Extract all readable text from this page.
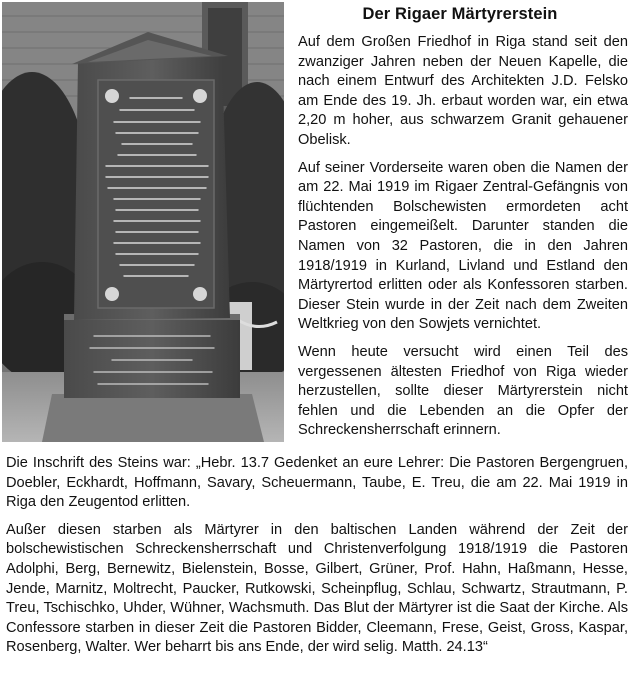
Der Rigaer Märtyrerstein

Auf dem Großen Friedhof in Riga stand seit den zwanziger Jahren neben der Neuen Kapelle, die nach einem Entwurf des Architekten J.D. Felsko am Ende des 19. Jh. erbaut worden war, ein etwa 2,20 m hoher, aus schwarzem Granit gehauener Obelisk.

Auf seiner Vorderseite waren oben die Namen der am 22. Mai 1919 im Rigaer Zentral-Gefängnis von flüchtenden Bolschewisten ermordeten acht Pastoren eingemeißelt. Darunter standen die Namen von 32 Pastoren, die in den Jahren 1918/1919 in Kurland, Livland und Estland den Märtyrertod erlitten oder als Konfessoren starben. Dieser Stein wurde in der Zeit nach dem Zweiten Weltkrieg von den Sowjets vernichtet.

Wenn heute versucht wird einen Teil des vergessenen ältesten Friedhof von Riga wieder herzustellen, sollte dieser Märtyrerstein nicht fehlen und die Lebenden an die Opfer der Schreckensherrschaft erinnern.

Die Inschrift des Steins war: „Hebr. 13.7 Gedenket an eure Lehrer: Die Pastoren Bergengruen, Doebler, Eckhardt, Hoffmann, Savary, Scheuermann, Taube, E. Treu, die am 22. Mai 1919 in Riga den Zeugentod erlitten.

Außer diesen starben als Märtyrer in den baltischen Landen während der Zeit der bolschewistischen Schreckensherrschaft und Christenverfolgung 1918/1919 die Pastoren Adolphi, Berg, Bernewitz, Bielenstein, Bosse, Gilbert, Grüner, Prof. Hahn, Haßmann, Hesse, Jende, Marnitz, Moltrecht, Paucker, Rutkowski, Scheinpflug, Schlau, Schwartz, Strautmann, P. Treu, Tschischko, Uhder, Wühner, Wachsmuth. Das Blut der Märtyrer ist die Saat der Kirche. Als Confessore starben in dieser Zeit die Pastoren Bidder, Cleemann, Frese, Geist, Gross, Kaspar, Rosenberg, Walter. Wer beharrt bis ans Ende, der wird selig. Matth. 24.13“
